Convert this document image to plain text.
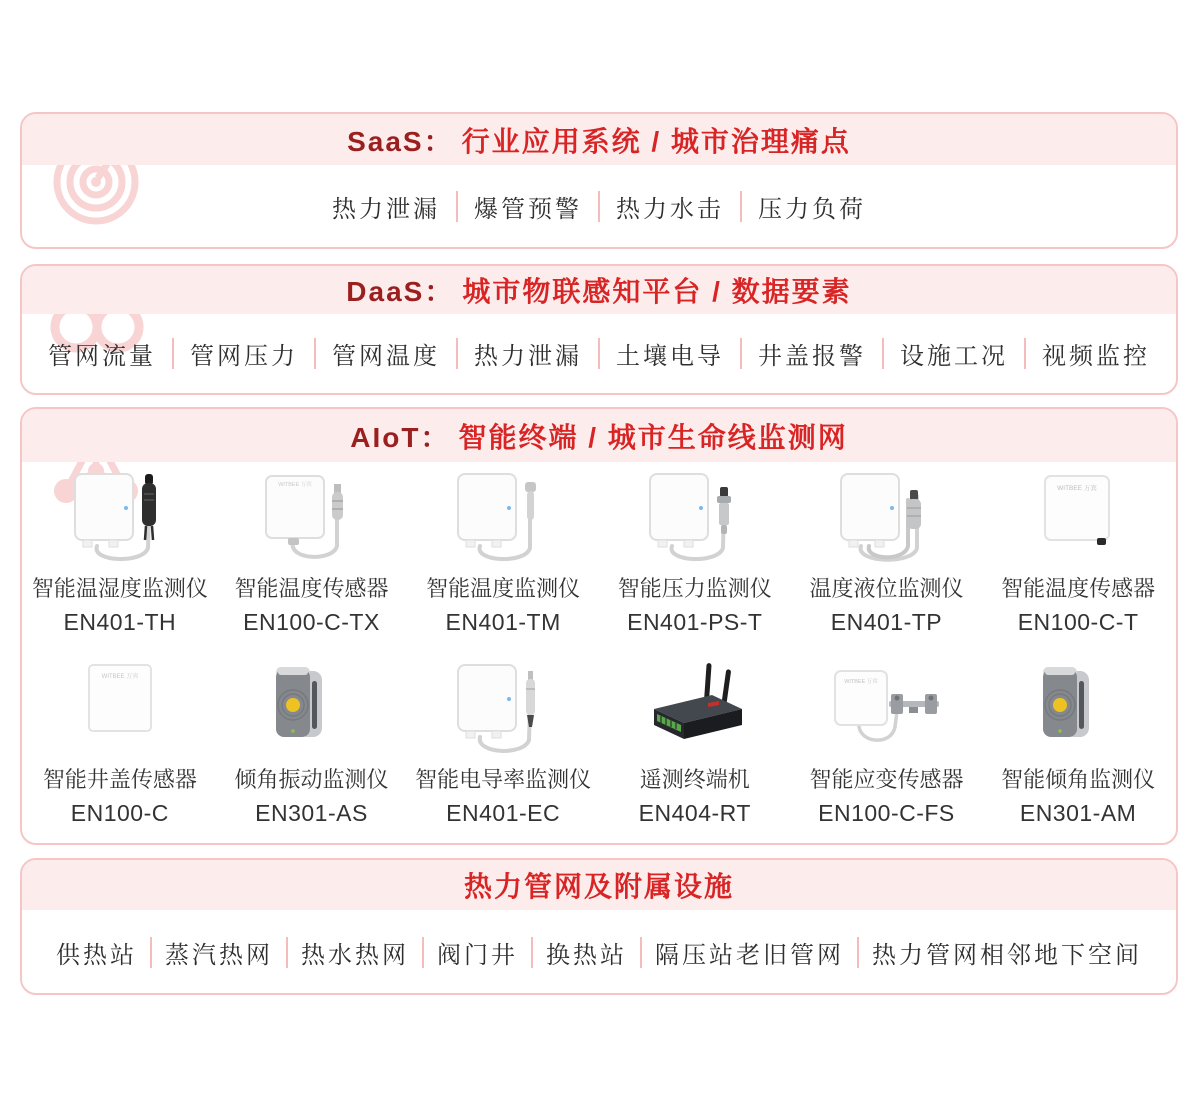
SaaS： 行业应用系统 / 城市治理痛点
热力泄漏	爆管预警	热力水击	压力负荷
DaaS： 城市物联感知平台 / 数据要素
管网流量	管网压力	管网温度	热力泄漏	土壤电导	井盖报警	设施工况	视频监控
AIoT： 智能终端 / 城市生命线监测网
智能温湿度监测仪
EN401-TH
WITBEE 万宾
智能温度传感器
EN100-C-TX
智能温度监测仪
EN401-TM
智能压力监测仪
EN401-PS-T
温度液位监测仪
EN401-TP
WITBEE 万宾
智能温度传感器
EN100-C-T
WITBEE 万宾
智能井盖传感器
EN100-C
倾角振动监测仪
EN301-AS
智能电导率监测仪
EN401-EC
遥测终端机
EN404-RT
WITBEE 万宾
智能应变传感器
EN100-C-FS
智能倾角监测仪
EN301-AM
热力管网及附属设施
供热站	蒸汽热网	热水热网	阀门井	换热站	隔压站老旧管网	热力管网相邻地下空间
